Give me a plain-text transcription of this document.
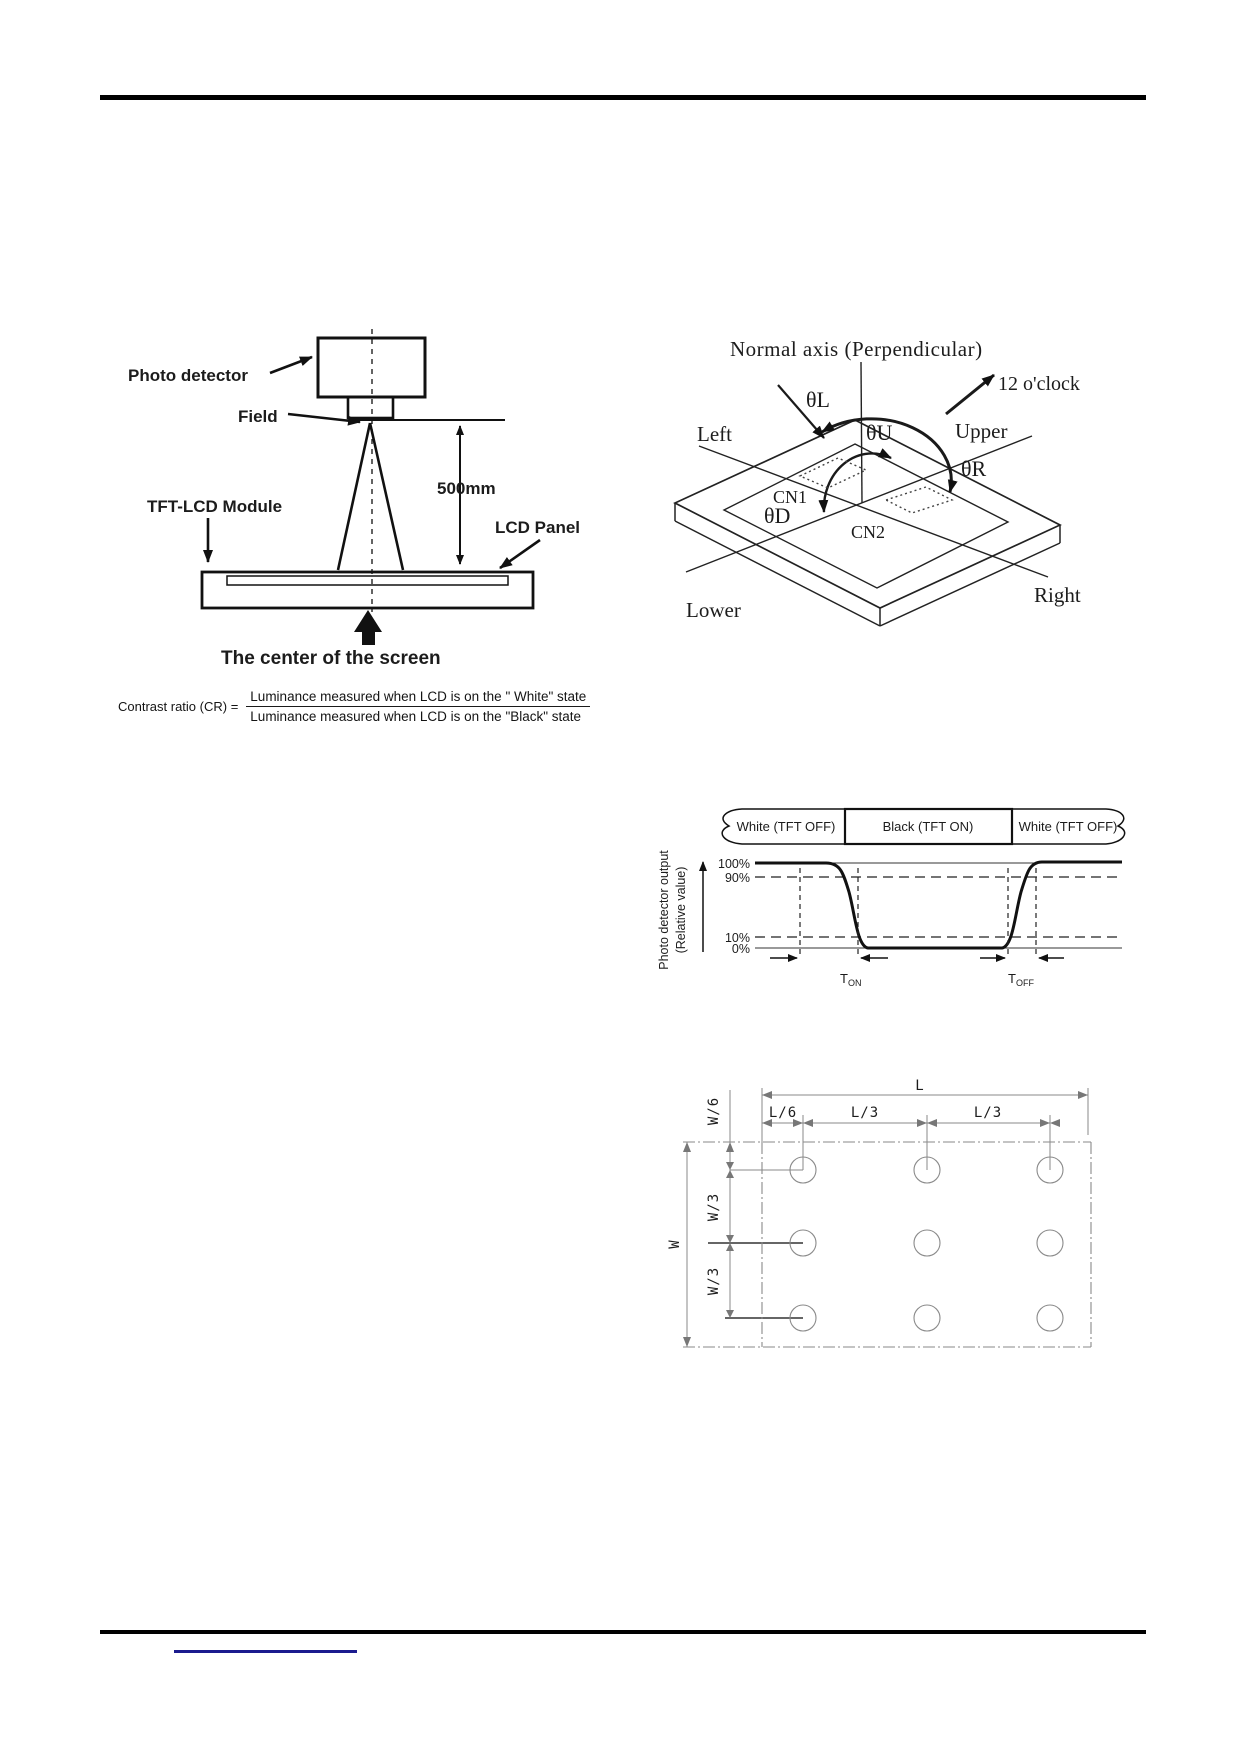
500mm
Photo detector
Field
TFT-LCD Module
LCD Panel
The center of the screen
Normal axis (Perpendicular)
12 o'clock
θL
θU	Upper
θR
Left
CN1
θD
CN2
Lower
Right
Contrast ratio $(CR) = \frac{\text{Luminance measured when LCD is on the " White" state}}{\text{Luminance measured when LCD is on the "Black" state}}$
White (TFT OFF)	Black (TFT ON)	White (TFT OFF)
Photo detector output (Relative value)
100%
90%
10%
0%
$T_{ON}$	$T_{OFF}$
L
L/6	L/3	L/3
W
W/6
W/3
W/3
